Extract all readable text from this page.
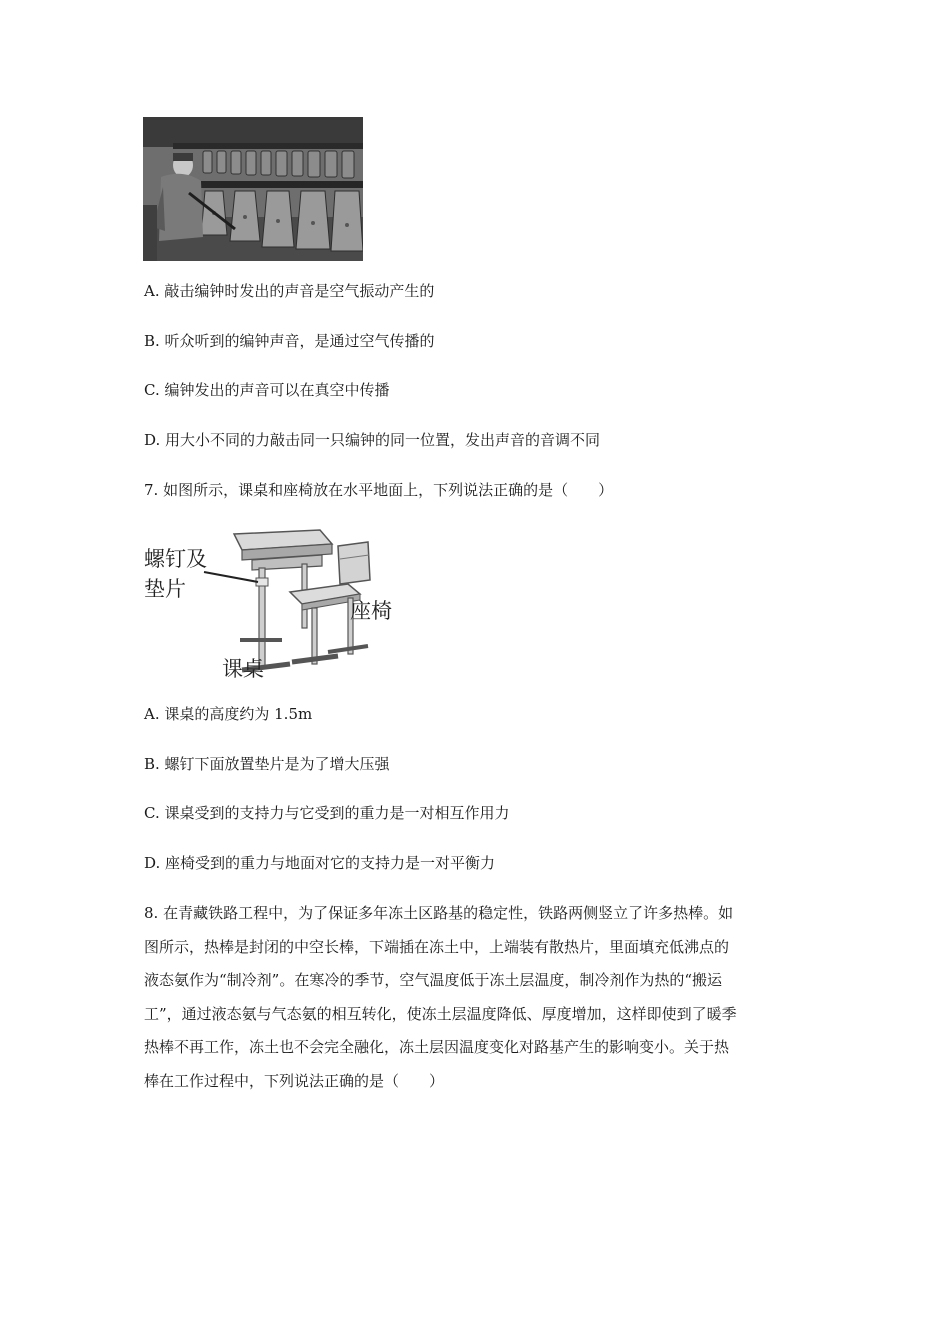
A. 敲击编钟时发出的声音是空气振动产生的
B. 听众听到的编钟声音，是通过空气传播的
C. 编钟发出的声音可以在真空中传播
D. 用大小不同的力敲击同一只编钟的同一位置，发出声音的音调不同
7. 如图所示，课桌和座椅放在水平地面上，下列说法正确的是（　　）
螺钉及
垫片
座椅
课桌
A. 课桌的高度约为 1.5m
B. 螺钉下面放置垫片是为了增大压强
C. 课桌受到的支持力与它受到的重力是一对相互作用力
D. 座椅受到的重力与地面对它的支持力是一对平衡力
8. 在青藏铁路工程中，为了保证多年冻土区路基的稳定性，铁路两侧竖立了许多热棒。如
图所示，热棒是封闭的中空长棒，下端插在冻土中，上端装有散热片，里面填充低沸点的
液态氨作为“制冷剂”。在寒冷的季节，空气温度低于冻土层温度，制冷剂作为热的“搬运
工”，通过液态氨与气态氨的相互转化，使冻土层温度降低、厚度增加，这样即使到了暖季
热棒不再工作，冻土也不会完全融化，冻土层因温度变化对路基产生的影响变小。关于热
棒在工作过程中，下列说法正确的是（　　）
